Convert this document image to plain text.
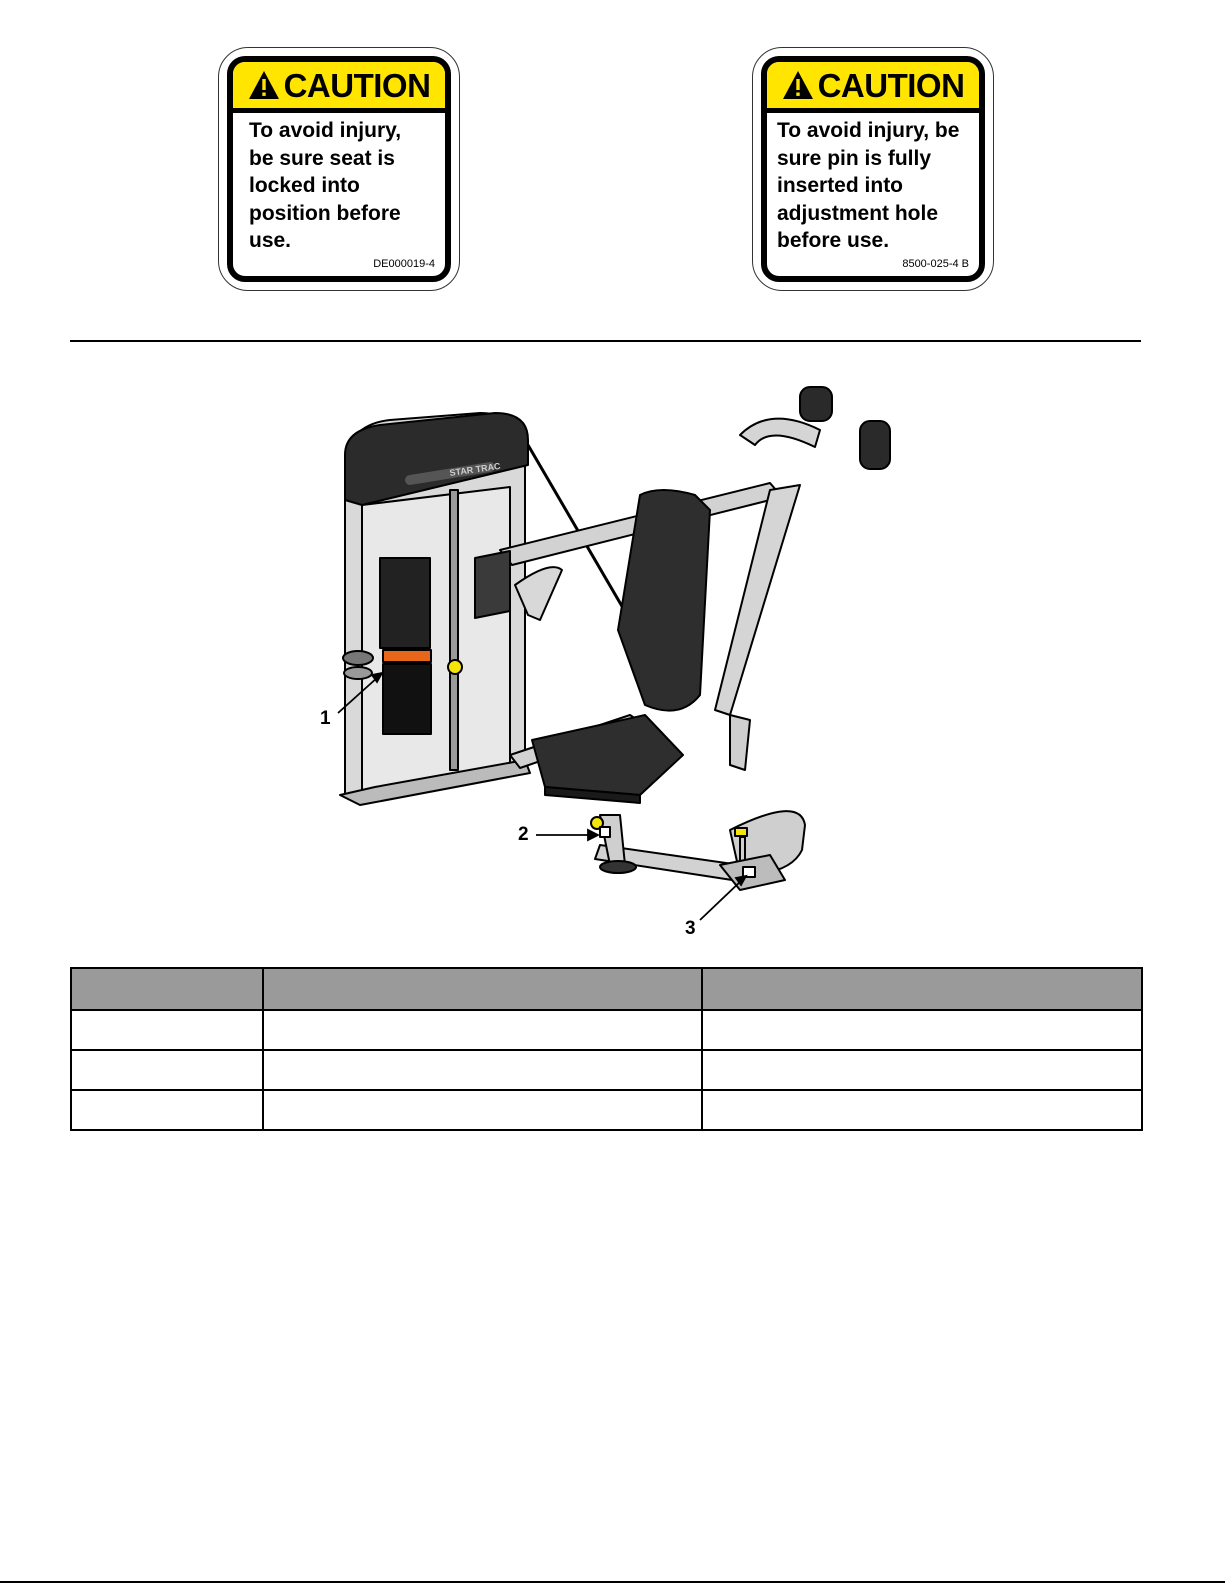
CAUTION
To avoid injury,
be sure seat is
locked into
position before
use.
DE000019-4
CAUTION
To avoid injury, be
sure pin is fully
inserted into
adjustment hole
before use.
8500-025-4 B
STAR TRAC
1
2
3
